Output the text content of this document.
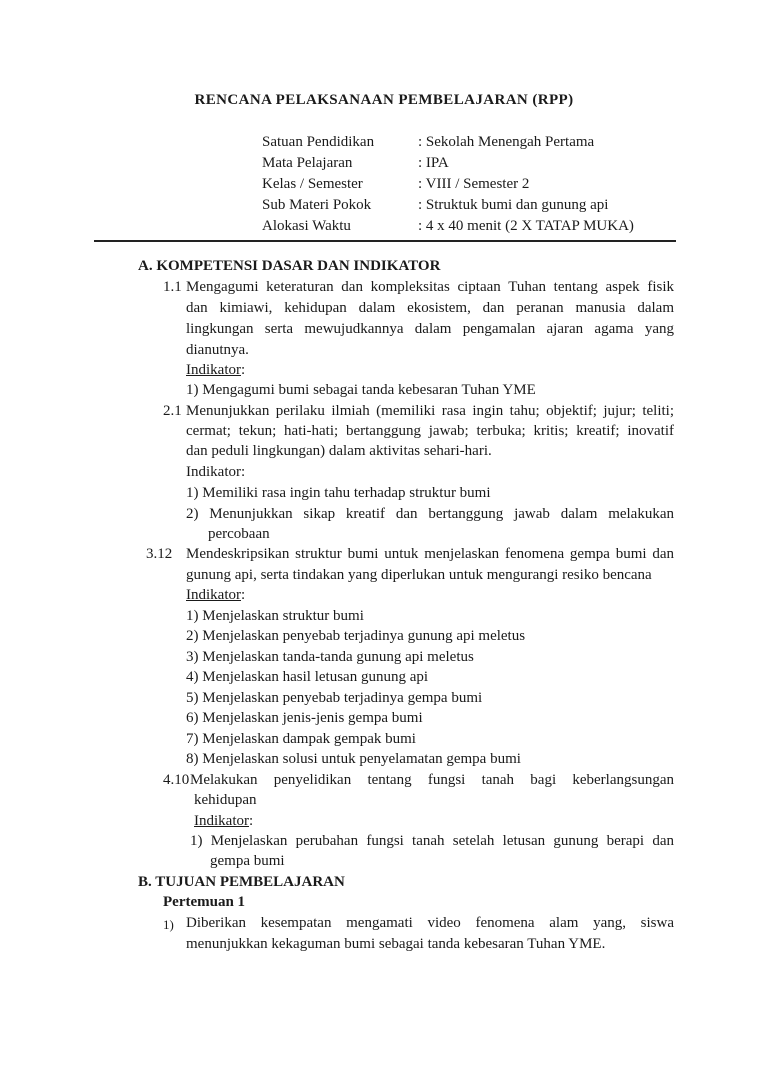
RENCANA PELAKSANAAN PEMBELAJARAN (RPP)
Satuan Pendidikan	: Sekolah Menengah Pertama
Mata Pelajaran	: IPA
Kelas / Semester	: VIII / Semester 2
Sub Materi Pokok	: Struktuk bumi dan gunung api
Alokasi Waktu	: 4 x 40 menit (2 X TATAP MUKA)
A. KOMPETENSI DASAR DAN INDIKATOR
1.1 Mengagumi keteraturan dan kompleksitas ciptaan Tuhan tentang aspek fisik
dan kimiawi, kehidupan dalam ekosistem, dan peranan manusia dalam
lingkungan serta mewujudkannya dalam pengamalan ajaran agama yang
dianutnya.
Indikator:
1) Mengagumi bumi sebagai tanda kebesaran Tuhan YME
2.1 Menunjukkan perilaku ilmiah (memiliki rasa ingin tahu; objektif; jujur; teliti;
cermat; tekun; hati-hati; bertanggung jawab; terbuka; kritis; kreatif; inovatif
dan peduli lingkungan) dalam aktivitas sehari-hari.
Indikator:
1) Memiliki rasa ingin tahu terhadap struktur bumi
2) Menunjukkan sikap kreatif dan bertanggung jawab dalam melakukan
percobaan
3.12 Mendeskripsikan struktur bumi untuk menjelaskan fenomena gempa bumi dan
gunung api, serta tindakan yang diperlukan untuk mengurangi resiko bencana
Indikator:
1) Menjelaskan struktur bumi
2) Menjelaskan penyebab terjadinya gunung api meletus
3) Menjelaskan tanda-tanda gunung api meletus
4) Menjelaskan hasil letusan gunung api
5) Menjelaskan penyebab terjadinya gempa bumi
6) Menjelaskan jenis-jenis gempa bumi
7) Menjelaskan dampak gempak bumi
8) Menjelaskan solusi untuk penyelamatan gempa bumi
4.10 Melakukan penyelidikan tentang fungsi tanah bagi keberlangsungan
kehidupan
Indikator:
1) Menjelaskan perubahan fungsi tanah setelah letusan gunung berapi dan
gempa bumi
B. TUJUAN PEMBELAJARAN
Pertemuan 1
1) Diberikan kesempatan mengamati video fenomena alam yang, siswa
menunjukkan kekaguman bumi sebagai tanda kebesaran Tuhan YME.
